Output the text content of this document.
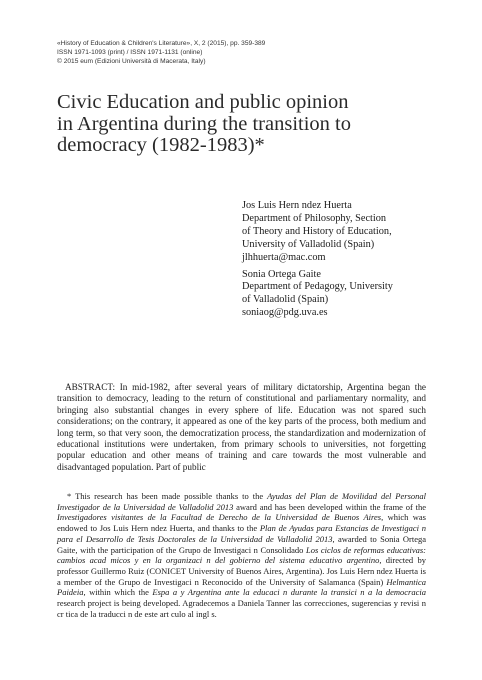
«History of Education & Children's Literature», X, 2 (2015), pp. 359-389
ISSN 1971-1093 (print) / ISSN 1971-1131 (online)
© 2015 eum (Edizioni Università di Macerata, Italy)
Civic Education and public opinion
in Argentina during the transition to
democracy (1982-1983)*
Jos Luis Hern ndez Huerta
Department of Philosophy, Section
of Theory and History of Education,
University of Valladolid (Spain)
jlhhuerta@mac.com
Sonia Ortega Gaite
Department of Pedagogy, University
of Valladolid (Spain)
soniaog@pdg.uva.es

ABSTRACT: In mid-1982, after several years of military dictatorship, Argentina began the transition to democracy, leading to the return of constitutional and parliamentary normality, and bringing also substantial changes in every sphere of life. Education was not spared such considerations; on the contrary, it appeared as one of the key parts of the process, both medium and long term, so that very soon, the democratization process, the standardization and modernization of educational institutions were undertaken, from primary schools to universities, not forgetting popular education and other means of training and care towards the most vulnerable and disadvantaged population. Part of public

* This research has been made possible thanks to the Ayudas del Plan de Movilidad del Personal Investigador de la Universidad de Valladolid 2013 award and has been developed within the frame of the Investigadores visitantes de la Facultad de Derecho de la Universidad de Buenos Aires, which was endowed to Jos Luis Hern ndez Huerta, and thanks to the Plan de Ayudas para Estancias de Investigaci n para el Desarrollo de Tesis Doctorales de la Universidad de Valladolid 2013, awarded to Sonia Ortega Gaite, with the participation of the Grupo de Investigaci n Consolidado Los ciclos de reformas educativas: cambios acad micos y en la organizaci n del gobierno del sistema educativo argentino, directed by professor Guillermo Ruiz (CONICET University of Buenos Aires, Argentina). Jos Luis Hern ndez Huerta is a member of the Grupo de Investigaci n Reconocido of the University of Salamanca (Spain) Helmantica Paideia, within which the Espa a y Argentina ante la educaci n durante la transici n a la democracia research project is being developed. Agradecemos a Daniela Tanner las correcciones, sugerencias y revisi n cr tica de la traducci n de este art culo al ingl s.
